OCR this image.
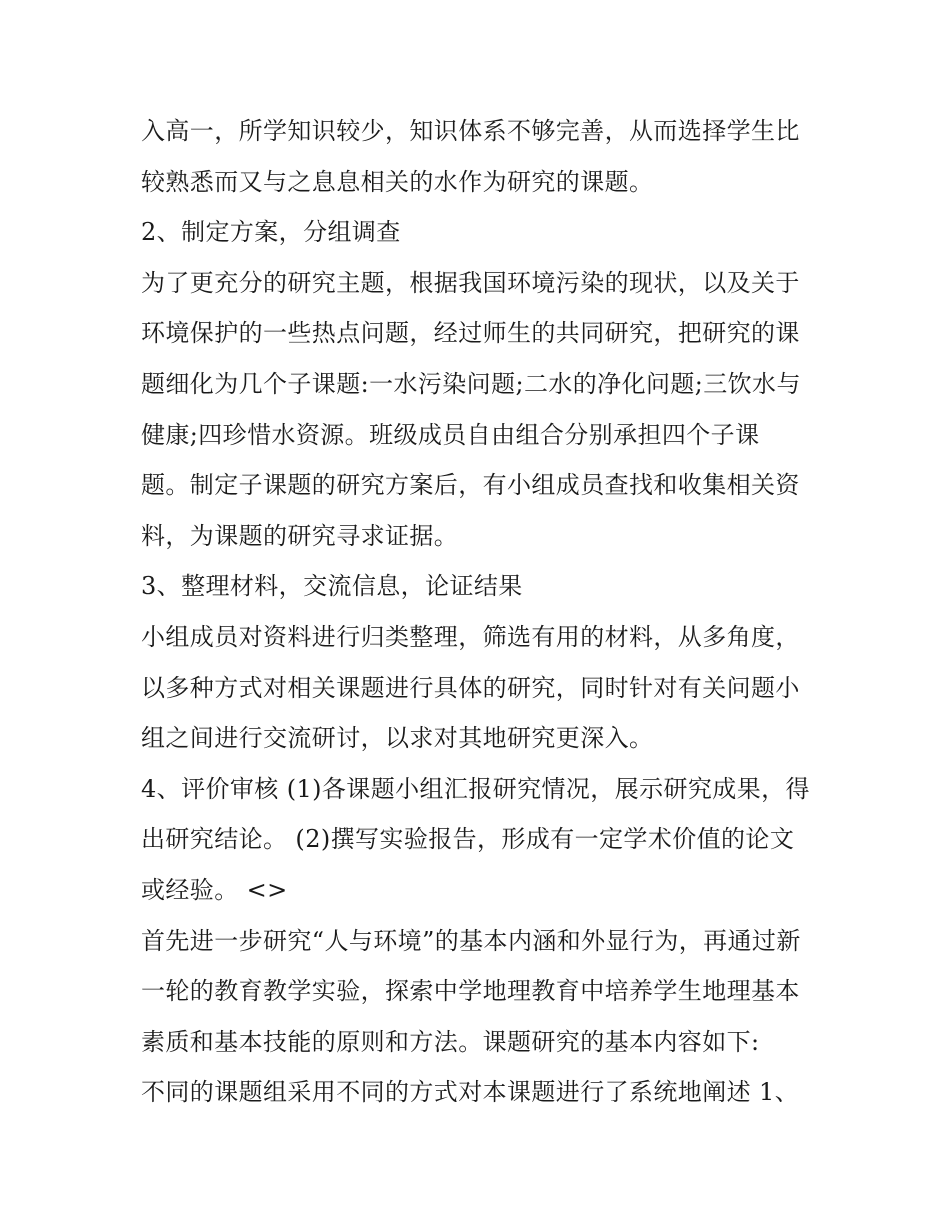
入高一，所学知识较少，知识体系不够完善，从而选择学生比
较熟悉而又与之息息相关的水作为研究的课题。
2、制定方案，分组调查
为了更充分的研究主题，根据我国环境污染的现状，以及关于
环境保护的一些热点问题，经过师生的共同研究，把研究的课
题细化为几个子课题:一水污染问题;二水的净化问题;三饮水与
健康;四珍惜水资源。班级成员自由组合分别承担四个子课
题。制定子课题的研究方案后，有小组成员查找和收集相关资
料，为课题的研究寻求证据。
3、整理材料，交流信息，论证结果
小组成员对资料进行归类整理，筛选有用的材料，从多角度，
以多种方式对相关课题进行具体的研究，同时针对有关问题小
组之间进行交流研讨，以求对其地研究更深入。
4、评价审核 (1)各课题小组汇报研究情况，展示研究成果，得
出研究结论。 (2)撰写实验报告，形成有一定学术价值的论文
或经验。 <>
首先进一步研究“人与环境”的基本内涵和外显行为，再通过新
一轮的教育教学实验，探索中学地理教育中培养学生地理基本
素质和基本技能的原则和方法。课题研究的基本内容如下:
不同的课题组采用不同的方式对本课题进行了系统地阐述 1、
